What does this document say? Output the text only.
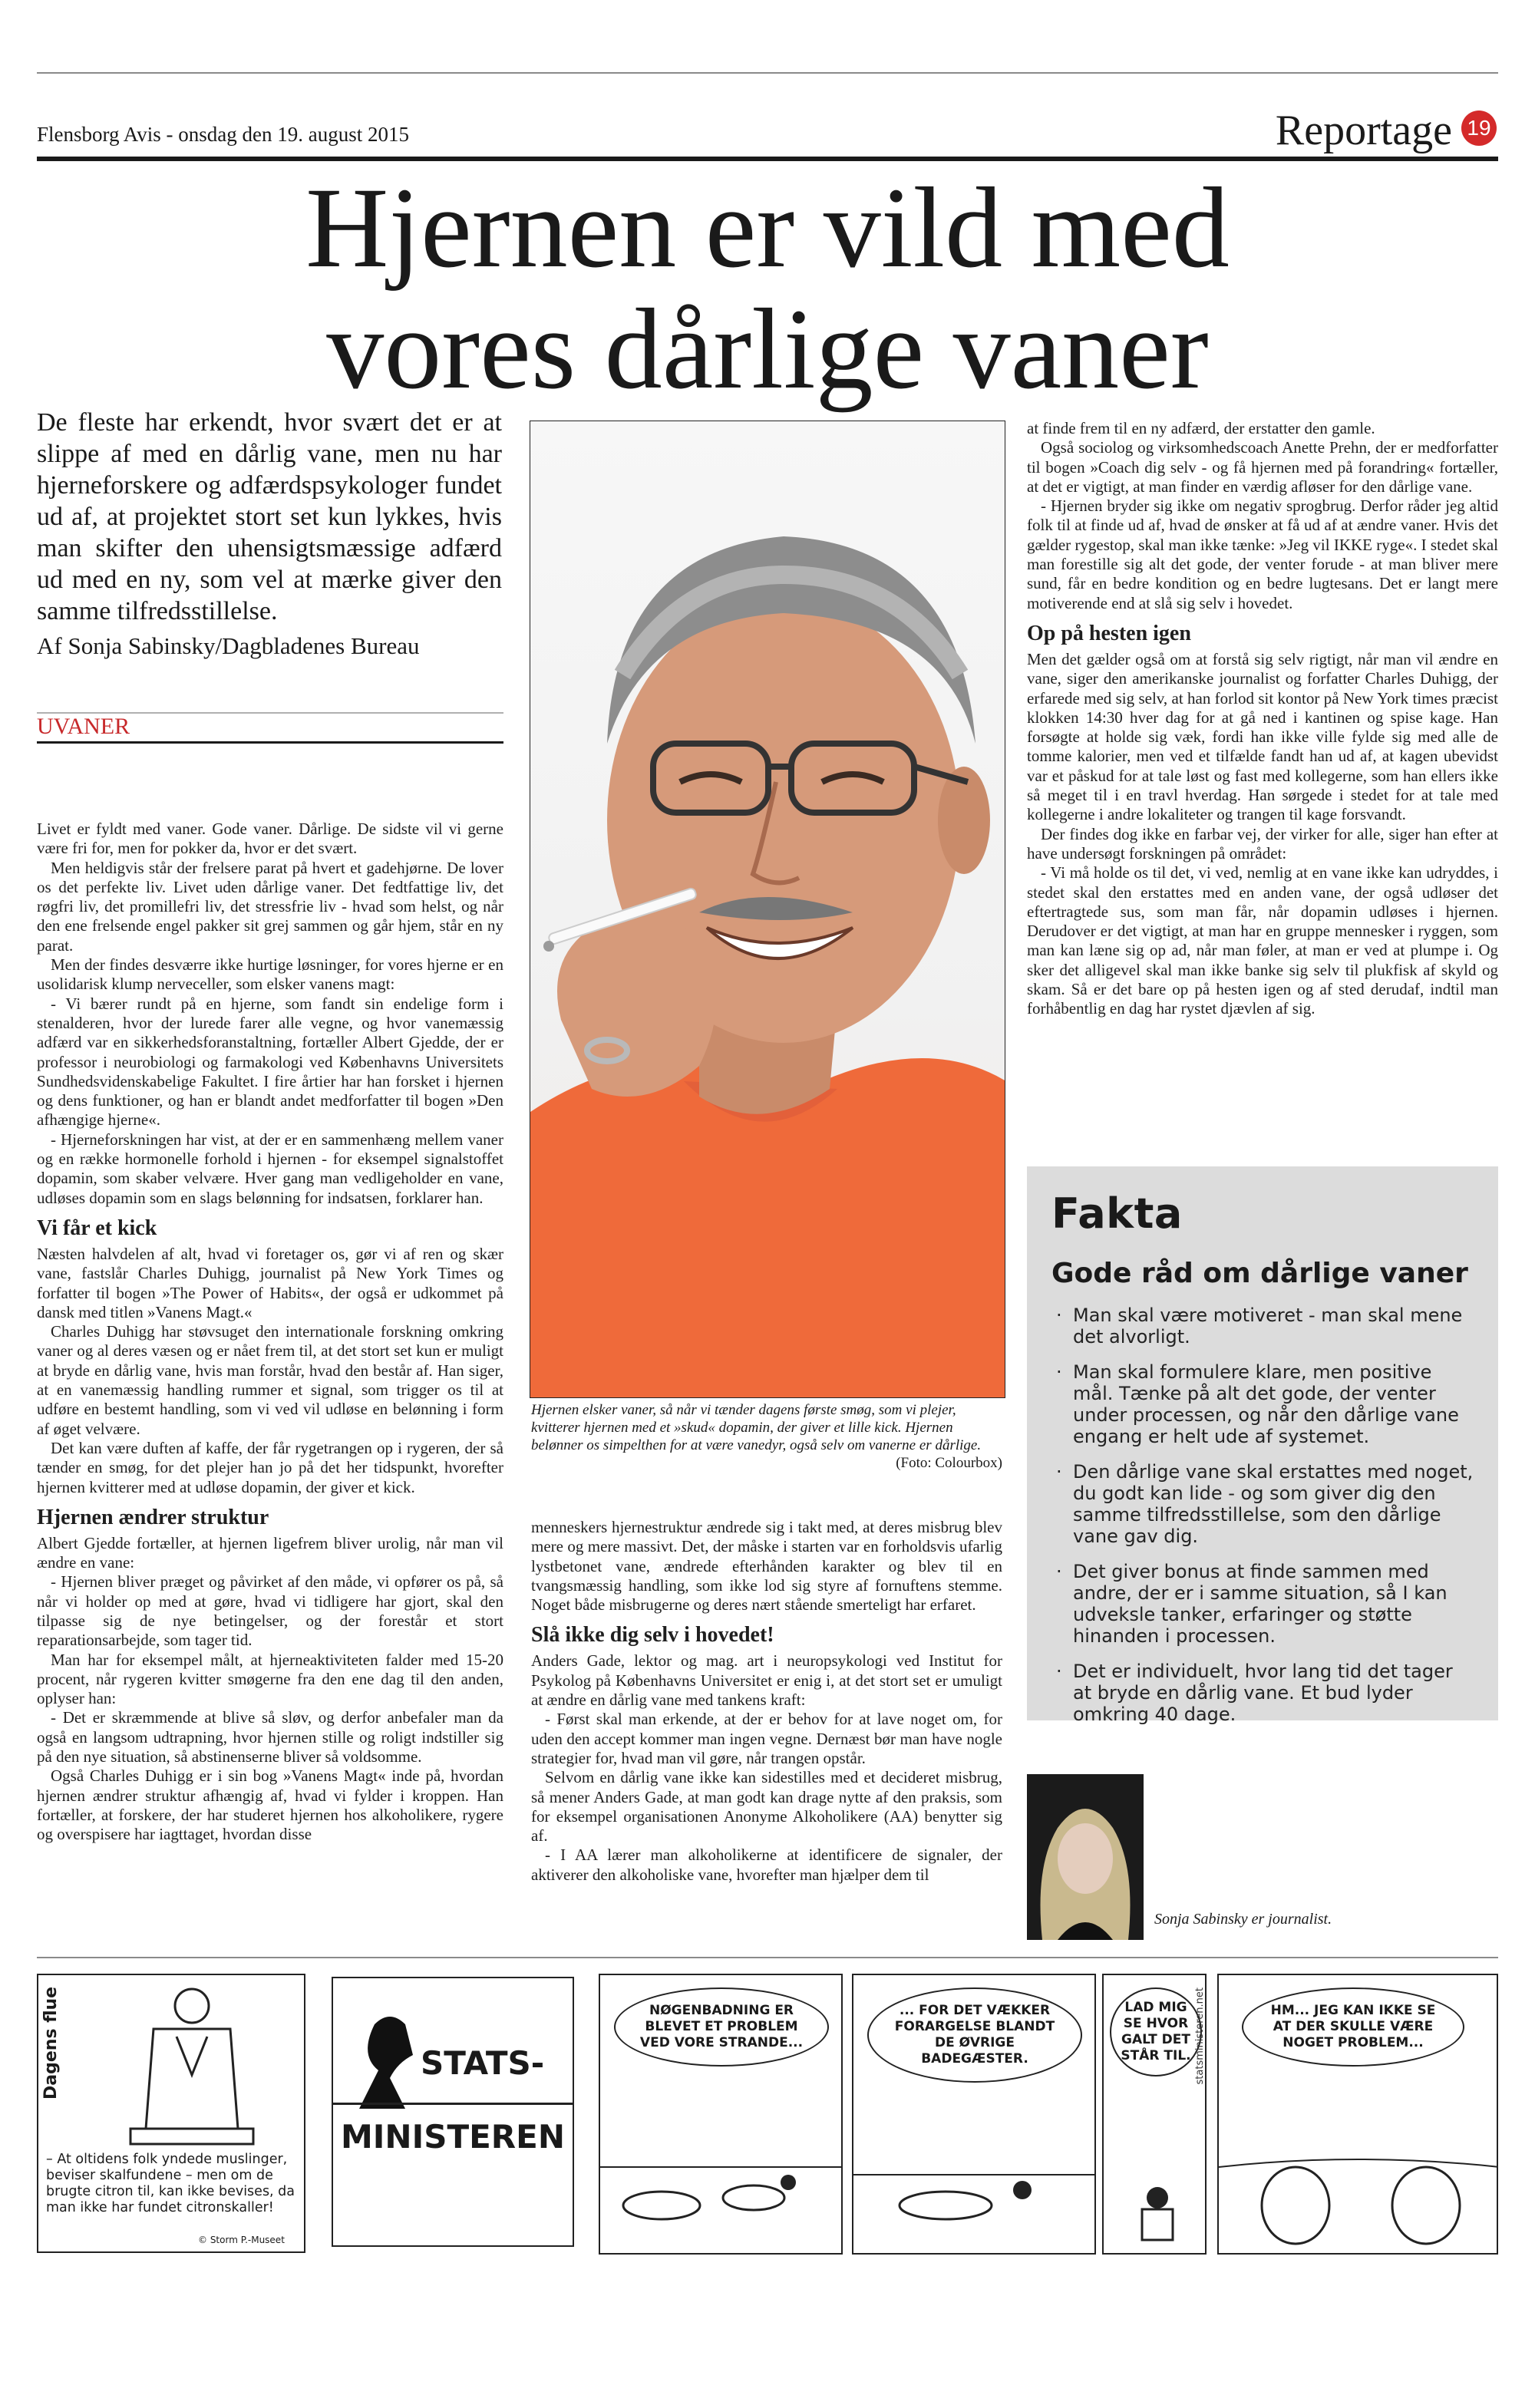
Flensborg Avis - onsdag den 19. august 2015	Reportage 19
Hjernen er vild med
vores dårlige vaner
De fleste har erkendt, hvor svært det er at slippe af med en dårlig vane, men nu har hjerneforskere og adfærdspsykologer fundet ud af, at projektet stort set kun lykkes, hvis man skifter den uhensigtsmæssige adfærd ud med en ny, som vel at mærke giver den samme tilfredsstillelse.
Af Sonja Sabinsky/Dagbladenes Bureau
UVANER

Livet er fyldt med vaner. Gode vaner. Dårlige. De sidste vil vi gerne være fri for, men for pokker da, hvor er det svært.

Men heldigvis står der frelsere parat på hvert et gadehjørne. De lover os det perfekte liv. Livet uden dårlige vaner. Det fedtfattige liv, det røgfri liv, det promillefri liv, det stressfrie liv - hvad som helst, og når den ene frelsende engel pakker sit grej sammen og går hjem, står en ny parat.

Men der findes desværre ikke hurtige løsninger, for vores hjerne er en usolidarisk klump nerveceller, som elsker vanens magt:

- Vi bærer rundt på en hjerne, som fandt sin endelige form i stenalderen, hvor der lurede farer alle vegne, og hvor vanemæssig adfærd var en sikkerhedsforanstaltning, fortæller Albert Gjedde, der er professor i neurobiologi og farmakologi ved Københavns Universitets Sundhedsvidenskabelige Fakultet. I fire årtier har han forsket i hjernen og dens funktioner, og han er blandt andet medforfatter til bogen »Den afhængige hjerne«.

- Hjerneforskningen har vist, at der er en sammenhæng mellem vaner og en række hormonelle forhold i hjernen - for eksempel signalstoffet dopamin, som skaber velvære. Hver gang man vedligeholder en vane, udløses dopamin som en slags belønning for indsatsen, forklarer han.

Vi får et kick

Næsten halvdelen af alt, hvad vi foretager os, gør vi af ren og skær vane, fastslår Charles Duhigg, journalist på New York Times og forfatter til bogen »The Power of Habits«, der også er udkommet på dansk med titlen »Vanens Magt.«

Charles Duhigg har støvsuget den internationale forskning omkring vaner og al deres væsen og er nået frem til, at det stort set kun er muligt at bryde en dårlig vane, hvis man forstår, hvad den består af. Han siger, at en vanemæssig handling rummer et signal, som trigger os til at udføre en bestemt handling, som vi ved vil udløse en belønning i form af øget velvære.

Det kan være duften af kaffe, der får rygetrangen op i rygeren, der så tænder en smøg, for det plejer han jo på det her tidspunkt, hvorefter hjernen kvitterer med at udløse dopamin, der giver et kick.

Hjernen ændrer struktur

Albert Gjedde fortæller, at hjernen ligefrem bliver urolig, når man vil ændre en vane:

- Hjernen bliver præget og påvirket af den måde, vi opfører os på, så når vi holder op med at gøre, hvad vi tidligere har gjort, skal den tilpasse sig de nye betingelser, og der forestår et stort reparationsarbejde, som tager tid.

Man har for eksempel målt, at hjerneaktiviteten falder med 15-20 procent, når rygeren kvitter smøgerne fra den ene dag til den anden, oplyser han:

- Det er skræmmende at blive så sløv, og derfor anbefaler man da også en langsom udtrapning, hvor hjernen stille og roligt indstiller sig på den nye situation, så abstinenserne bliver så voldsomme.

Også Charles Duhigg er i sin bog »Vanens Magt« inde på, hvordan hjernen ændrer struktur afhængig af, hvad vi fylder i kroppen. Han fortæller, at forskere, der har studeret hjernen hos alkoholikere, rygere og overspisere har iagttaget, hvordan disse

Hjernen elsker vaner, så når vi tænder dagens første smøg, som vi plejer, kvitterer hjernen med et »skud« dopamin, der giver et lille kick. Hjernen belønner os simpelthen for at være vanedyr, også selv om vanerne er dårlige.
(Foto: Colourbox)

menneskers hjernestruktur ændrede sig i takt med, at deres misbrug blev mere og mere massivt. Det, der måske i starten var en forholdsvis ufarlig lystbetonet vane, ændrede efterhånden karakter og blev til en tvangsmæssig handling, som ikke lod sig styre af fornuftens stemme. Noget både misbrugerne og deres nært stående smerteligt har erfaret.

Slå ikke dig selv i hovedet!

Anders Gade, lektor og mag. art i neuropsykologi ved Institut for Psykolog på Københavns Universitet er enig i, at det stort set er umuligt at ændre en dårlig vane med tankens kraft:

- Først skal man erkende, at der er behov for at lave noget om, for uden den accept kommer man ingen vegne. Dernæst bør man have nogle strategier for, hvad man vil gøre, når trangen opstår.

Selvom en dårlig vane ikke kan sidestilles med et decideret misbrug, så mener Anders Gade, at man godt kan drage nytte af den praksis, som for eksempel organisationen Anonyme Alkoholikere (AA) benytter sig af.

- I AA lærer man alkoholikerne at identificere de signaler, der aktiverer den alkoholiske vane, hvorefter man hjælper dem til

at finde frem til en ny adfærd, der erstatter den gamle.

Også sociolog og virksomhedscoach Anette Prehn, der er medforfatter til bogen »Coach dig selv - og få hjernen med på forandring« fortæller, at det er vigtigt, at man finder en værdig afløser for den dårlige vane.

- Hjernen bryder sig ikke om negativ sprogbrug. Derfor råder jeg altid folk til at finde ud af, hvad de ønsker at få ud af at ændre vaner. Hvis det gælder rygestop, skal man ikke tænke: »Jeg vil IKKE ryge«. I stedet skal man forestille sig alt det gode, der venter forude - at man bliver mere sund, får en bedre kondition og en bedre lugtesans. Det er langt mere motiverende end at slå sig selv i hovedet.

Op på hesten igen

Men det gælder også om at forstå sig selv rigtigt, når man vil ændre en vane, siger den amerikanske journalist og forfatter Charles Duhigg, der erfarede med sig selv, at han forlod sit kontor på New York times præcist klokken 14:30 hver dag for at gå ned i kantinen og spise kage. Han forsøgte at holde sig væk, fordi han ikke ville fylde sig med alle de tomme kalorier, men ved et tilfælde fandt han ud af, at kagen ubevidst var et påskud for at tale løst og fast med kollegerne, som han ellers ikke så meget til i en travl hverdag. Han sørgede i stedet for at tale med kollegerne i andre lokaliteter og trangen til kage forsvandt.

Der findes dog ikke en farbar vej, der virker for alle, siger han efter at have undersøgt forskningen på området:

- Vi må holde os til det, vi ved, nemlig at en vane ikke kan udryddes, i stedet skal den erstattes med en anden vane, der også udløser det eftertragtede sus, som man får, når dopamin udløses i hjernen. Derudover er det vigtigt, at man har en gruppe mennesker i ryggen, som man kan læne sig op ad, når man føler, at man er ved at plumpe i. Og sker det alligevel skal man ikke banke sig selv til plukfisk af skyld og skam. Så er det bare op på hesten igen og af sted derudaf, indtil man forhåbentlig en dag har rystet djævlen af sig.

Fakta
Gode råd om dårlige vaner
· Man skal være motiveret - man skal mene det alvorligt.
· Man skal formulere klare, men positive mål. Tænke på alt det gode, der venter under processen, og når den dårlige vane engang er helt ude af systemet.
· Den dårlige vane skal erstattes med noget, du godt kan lide - og som giver dig den samme tilfredsstillelse, som den dårlige vane gav dig.
· Det giver bonus at finde sammen med andre, der er i samme situation, så I kan udveksle tanker, erfaringer og støtte hinanden i processen.
· Det er individuelt, hvor lang tid det tager at bryde en dårlig vane. Et bud lyder omkring 40 dage.
Sonja Sabinsky er journalist.
Dagens flue
– At oltidens folk yndede muslinger, beviser skalfundene – men om de brugte citron til, kan ikke bevises, da man ikke har fundet citronskaller!
© Storm P.-Museet
STATS-
MINISTEREN
NØGENBADNING ER BLEVET ET PROBLEM VED VORE STRANDE...
... FOR DET VÆKKER FORARGELSE BLANDT DE ØVRIGE BADEGÆSTER.
LAD MIG SE HVOR GALT DET STÅR TIL. statsministeren.net	HM... JEG KAN IKKE SE AT DER SKULLE VÆRE NOGET PROBLEM...
